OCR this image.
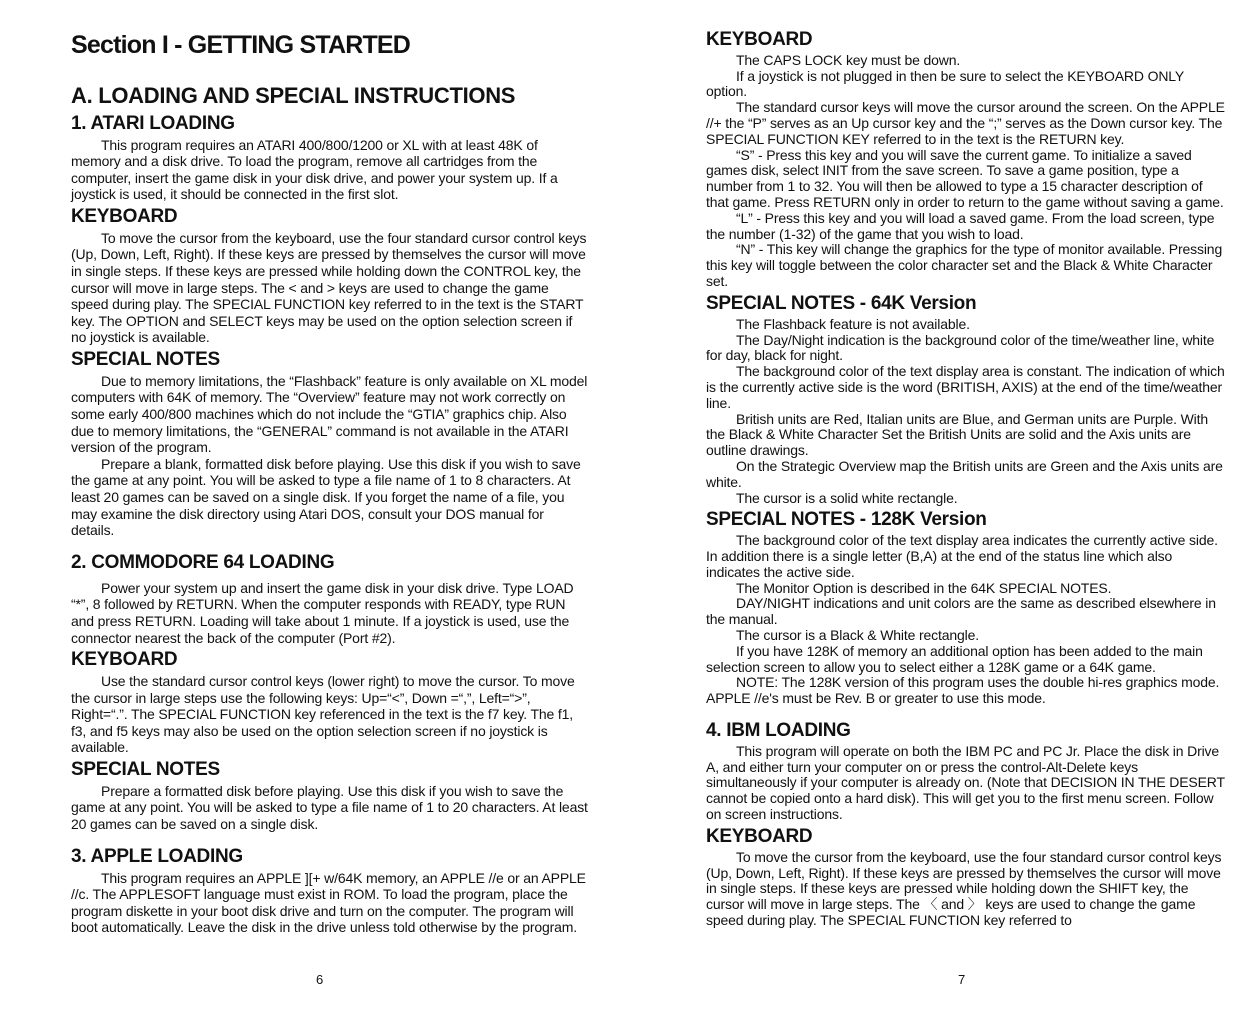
Section I - GETTING STARTED
A. LOADING AND SPECIAL INSTRUCTIONS
1. ATARI LOADING

This program requires an ATARI 400/800/1200 or XL with at least 48K of memory and a disk drive. To load the program, remove all cartridges from the computer, insert the game disk in your disk drive, and power your system up. If a joystick is used, it should be connected in the first slot.

KEYBOARD

To move the cursor from the keyboard, use the four standard cursor control keys (Up, Down, Left, Right). If these keys are pressed by themselves the cursor will move in single steps. If these keys are pressed while holding down the CONTROL key, the cursor will move in large steps. The < and > keys are used to change the game speed during play. The SPECIAL FUNCTION key referred to in the text is the START key. The OPTION and SELECT keys may be used on the option selection screen if no joystick is available.

SPECIAL NOTES

Due to memory limitations, the “Flashback” feature is only available on XL model computers with 64K of memory. The “Overview” feature may not work correctly on some early 400/800 machines which do not include the “GTIA” graphics chip. Also due to memory limitations, the “GENERAL” command is not available in the ATARI version of the program.

Prepare a blank, formatted disk before playing. Use this disk if you wish to save the game at any point. You will be asked to type a file name of 1 to 8 characters. At least 20 games can be saved on a single disk. If you forget the name of a file, you may examine the disk directory using Atari DOS, consult your DOS manual for details.

2. COMMODORE 64 LOADING

Power your system up and insert the game disk in your disk drive. Type LOAD “*”, 8 followed by RETURN. When the computer responds with READY, type RUN and press RETURN. Loading will take about 1 minute. If a joystick is used, use the connector nearest the back of the computer (Port #2).

KEYBOARD

Use the standard cursor control keys (lower right) to move the cursor. To move the cursor in large steps use the following keys: Up=“<”, Down =“,”, Left=“>”, Right=“.”. The SPECIAL FUNCTION key referenced in the text is the f7 key. The f1, f3, and f5 keys may also be used on the option selection screen if no joystick is available.

SPECIAL NOTES

Prepare a formatted disk before playing. Use this disk if you wish to save the game at any point. You will be asked to type a file name of 1 to 20 characters. At least 20 games can be saved on a single disk.

3. APPLE LOADING

This program requires an APPLE ][+ w/64K memory, an APPLE //e or an APPLE //c. The APPLESOFT language must exist in ROM. To load the program, place the program diskette in your boot disk drive and turn on the computer. The program will boot automatically. Leave the disk in the drive unless told otherwise by the program.

KEYBOARD

The CAPS LOCK key must be down.

If a joystick is not plugged in then be sure to select the KEYBOARD ONLY option.

The standard cursor keys will move the cursor around the screen. On the APPLE //+ the “P” serves as an Up cursor key and the “;” serves as the Down cursor key. The SPECIAL FUNCTION KEY referred to in the text is the RETURN key.

“S” - Press this key and you will save the current game. To initialize a saved games disk, select INIT from the save screen. To save a game position, type a number from 1 to 32. You will then be allowed to type a 15 character description of that game. Press RETURN only in order to return to the game without saving a game.

“L” - Press this key and you will load a saved game. From the load screen, type the number (1-32) of the game that you wish to load.

“N” - This key will change the graphics for the type of monitor available. Pressing this key will toggle between the color character set and the Black & White Character set.

SPECIAL NOTES - 64K Version

The Flashback feature is not available.

The Day/Night indication is the background color of the time/weather line, white for day, black for night.

The background color of the text display area is constant. The indication of which is the currently active side is the word (BRITISH, AXIS) at the end of the time/weather line.

British units are Red, Italian units are Blue, and German units are Purple. With the Black & White Character Set the British Units are solid and the Axis units are outline drawings.

On the Strategic Overview map the British units are Green and the Axis units are white.

The cursor is a solid white rectangle.

SPECIAL NOTES - 128K Version

The background color of the text display area indicates the currently active side. In addition there is a single letter (B,A) at the end of the status line which also indicates the active side.

The Monitor Option is described in the 64K SPECIAL NOTES.

DAY/NIGHT indications and unit colors are the same as described elsewhere in the manual.

The cursor is a Black & White rectangle.

If you have 128K of memory an additional option has been added to the main selection screen to allow you to select either a 128K game or a 64K game.

NOTE: The 128K version of this program uses the double hi-res graphics mode. APPLE //e's must be Rev. B or greater to use this mode.

4. IBM LOADING

This program will operate on both the IBM PC and PC Jr. Place the disk in Drive A, and either turn your computer on or press the control-Alt-Delete keys simultaneously if your computer is already on. (Note that DECISION IN THE DESERT cannot be copied onto a hard disk). This will get you to the first menu screen. Follow on screen instructions.

KEYBOARD

To move the cursor from the keyboard, use the four standard cursor control keys (Up, Down, Left, Right). If these keys are pressed by themselves the cursor will move in single steps. If these keys are pressed while holding down the SHIFT key, the cursor will move in large steps. The 〈 and 〉 keys are used to change the game speed during play. The SPECIAL FUNCTION key referred to

6	7
